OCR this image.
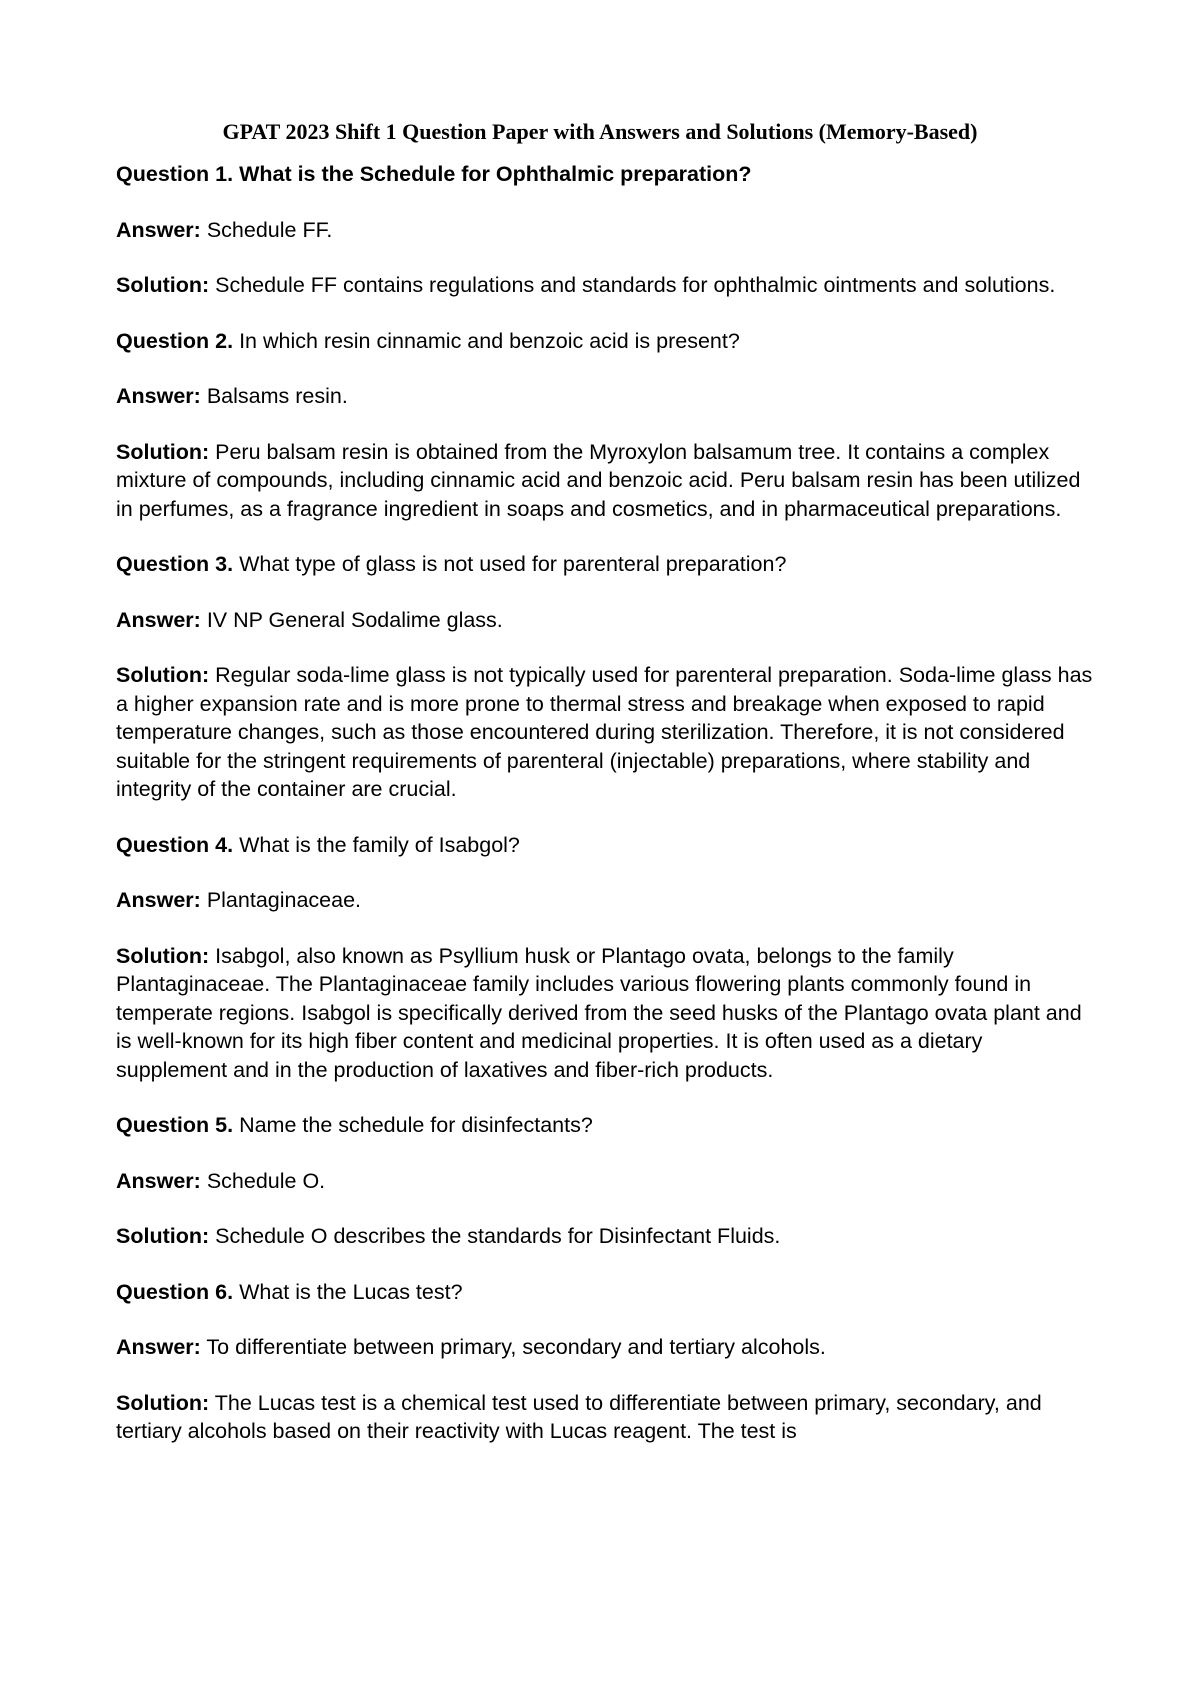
GPAT 2023 Shift 1 Question Paper with Answers and Solutions (Memory-Based)
Question 1. What is the Schedule for Ophthalmic preparation?
Answer: Schedule FF.
Solution: Schedule FF contains regulations and standards for ophthalmic ointments and solutions.
Question 2. In which resin cinnamic and benzoic acid is present?
Answer: Balsams resin.
Solution: Peru balsam resin is obtained from the Myroxylon balsamum tree. It contains a complex mixture of compounds, including cinnamic acid and benzoic acid. Peru balsam resin has been utilized in perfumes, as a fragrance ingredient in soaps and cosmetics, and in pharmaceutical preparations.
Question 3. What type of glass is not used for parenteral preparation?
Answer: IV NP General Sodalime glass.
Solution: Regular soda-lime glass is not typically used for parenteral preparation. Soda-lime glass has a higher expansion rate and is more prone to thermal stress and breakage when exposed to rapid temperature changes, such as those encountered during sterilization. Therefore, it is not considered suitable for the stringent requirements of parenteral (injectable) preparations, where stability and integrity of the container are crucial.
Question 4. What is the family of Isabgol?
Answer: Plantaginaceae.
Solution: Isabgol, also known as Psyllium husk or Plantago ovata, belongs to the family Plantaginaceae. The Plantaginaceae family includes various flowering plants commonly found in temperate regions. Isabgol is specifically derived from the seed husks of the Plantago ovata plant and is well-known for its high fiber content and medicinal properties. It is often used as a dietary supplement and in the production of laxatives and fiber-rich products.
Question 5. Name the schedule for disinfectants?
Answer: Schedule O.
Solution: Schedule O describes the standards for Disinfectant Fluids.
Question 6. What is the Lucas test?
Answer: To differentiate between primary, secondary and tertiary alcohols.
Solution: The Lucas test is a chemical test used to differentiate between primary, secondary, and tertiary alcohols based on their reactivity with Lucas reagent. The test is
